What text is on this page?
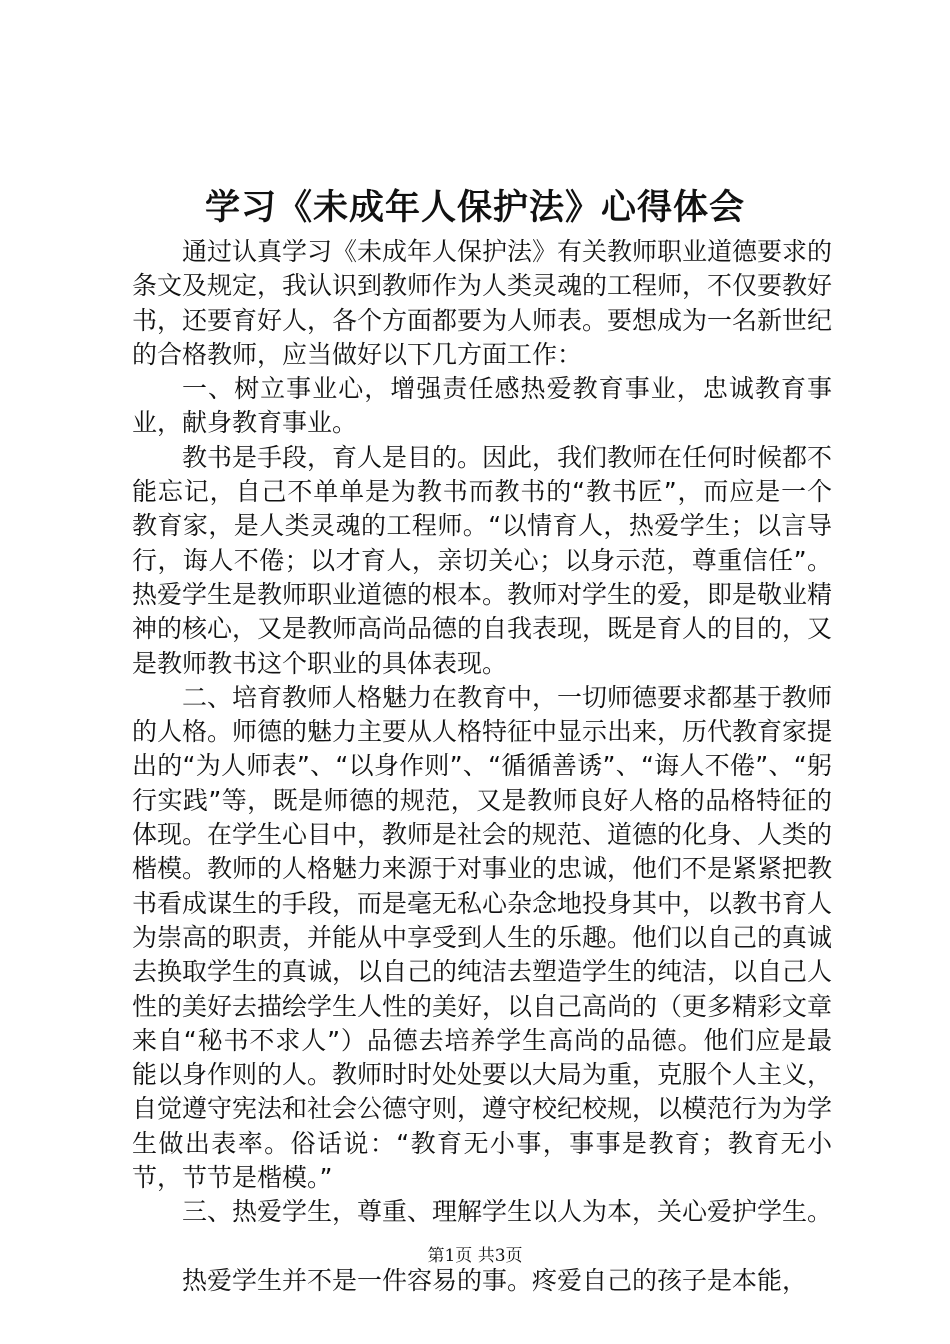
学习《未成年人保护法》心得体会

通过认真学习《未成年人保护法》有关教师职业道德要求的条文及规定，我认识到教师作为人类灵魂的工程师，不仅要教好书，还要育好人，各个方面都要为人师表。要想成为一名新世纪的合格教师，应当做好以下几方面工作：

一、树立事业心，增强责任感热爱教育事业，忠诚教育事业，献身教育事业。

教书是手段，育人是目的。因此，我们教师在任何时候都不能忘记，自己不单单是为教书而教书的“教书匠”，而应是一个教育家，是人类灵魂的工程师。“以情育人，热爱学生；以言导行，诲人不倦；以才育人，亲切关心；以身示范，尊重信任”。热爱学生是教师职业道德的根本。教师对学生的爱，即是敬业精神的核心，又是教师高尚品德的自我表现，既是育人的目的，又是教师教书这个职业的具体表现。

二、培育教师人格魅力在教育中，一切师德要求都基于教师的人格。师德的魅力主要从人格特征中显示出来，历代教育家提出的“为人师表”、“以身作则”、“循循善诱”、“诲人不倦”、“躬行实践”等，既是师德的规范，又是教师良好人格的品格特征的体现。在学生心目中，教师是社会的规范、道德的化身、人类的楷模。教师的人格魅力来源于对事业的忠诚，他们不是紧紧把教书看成谋生的手段，而是毫无私心杂念地投身其中，以教书育人为崇高的职责，并能从中享受到人生的乐趣。他们以自己的真诚去换取学生的真诚，以自己的纯洁去塑造学生的纯洁，以自己人性的美好去描绘学生人性的美好，以自己高尚的（更多精彩文章来自“秘书不求人”）品德去培养学生高尚的品德。他们应是最能以身作则的人。教师时时处处要以大局为重，克服个人主义，自觉遵守宪法和社会公德守则，遵守校纪校规，以模范行为为学生做出表率。俗话说：“教育无小事，事事是教育；教育无小节，节节是楷模。”

三、热爱学生，尊重、理解学生以人为本，关心爱护学生。

热爱学生并不是一件容易的事。疼爱自己的孩子是本能，

第1页 共3页
